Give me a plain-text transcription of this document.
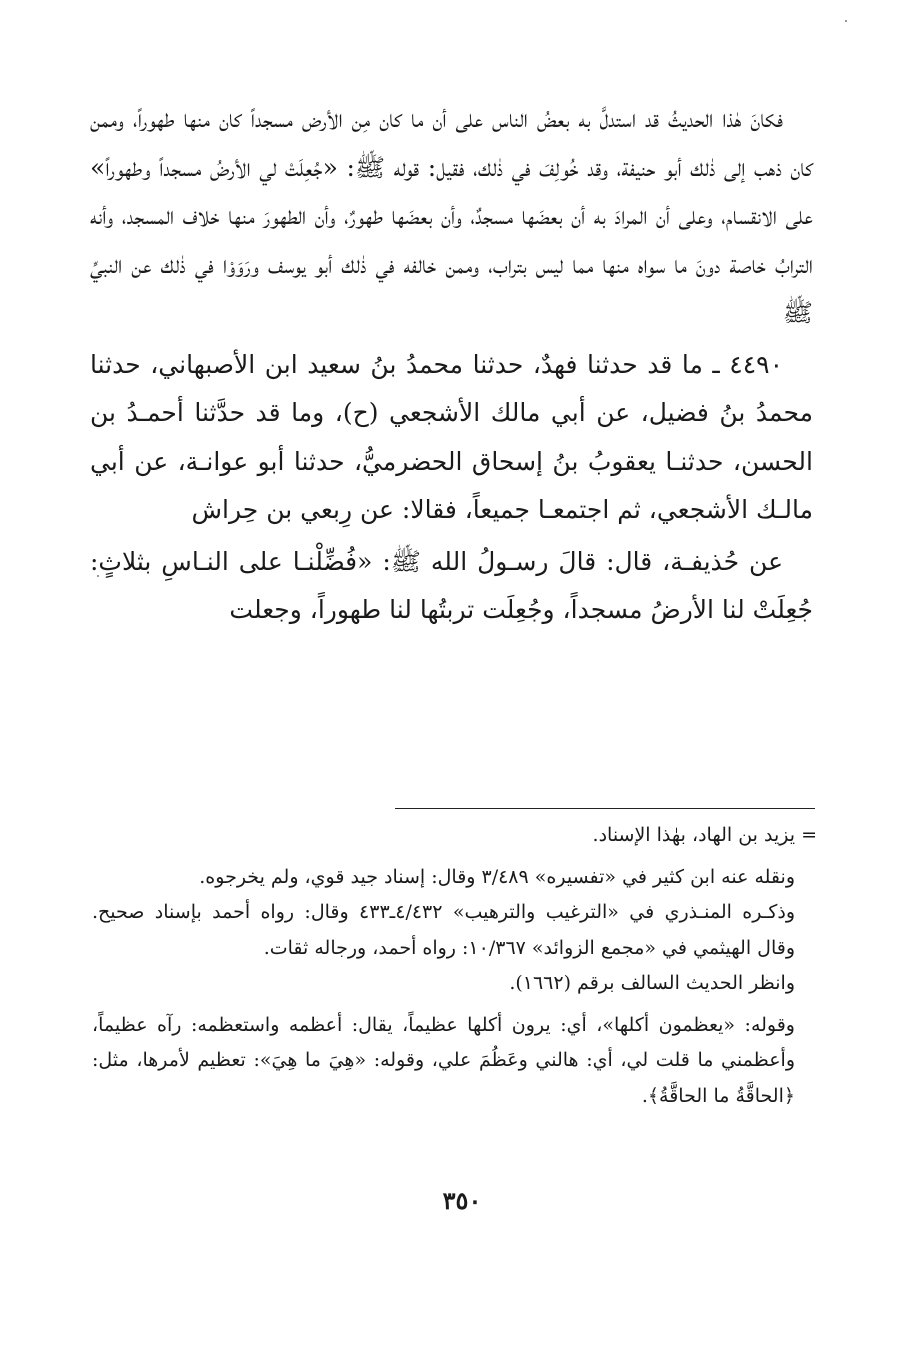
فكانَ هٰذا الحديثُ قد استدلَّ به بعضُ الناس على أن ما كان مِن الأرض مسجداً كان منها طهوراً، وممن كان ذهب إلى ذٰلك أبو حنيفة، وقد خُولِفَ في ذٰلك، فقيل: قوله ﷺ: «جُعِلَتْ لي الأرضُ مسجداً وطهوراً» على الانقسام، وعلى أن المرادَ به أن بعضَها مسجدٌ، وأن بعضَها طهورٌ، وأن الطهورَ منها خلاف المسجد، وأنه الترابُ خاصة دونَ ما سواه منها مما ليس بتراب، وممن خالفه في ذٰلك أبو يوسف ورَوَوْا في ذٰلك عن النبيِّ ﷺ

٤٤٩٠ ـ ما قد حدثنا فهدٌ، حدثنا محمدُ بنُ سعيد ابن الأصبهاني، حدثنا محمدُ بنُ فضيل، عن أبي مالك الأشجعي (ح)، وما قد حدَّثنا أحمـدُ بن الحسن، حدثنـا يعقوبُ بنُ إسحاق الحضرميُّ، حدثنا أبو عوانـة، عن أبي مالـك الأشجعي، ثم اجتمعـا جميعاً، فقالا: عن رِبعي بن حِراش

عن حُذيفـة، قال: قالَ رسـولُ الله ﷺ: «فُضِّلْنـا على النـاسِ بثلاثٍ: جُعِلَتْ لنا الأرضُ مسجداً، وجُعِلَت تربتُها لنا طهوراً، وجعلت

= يزيد بن الهاد، بهٰذا الإسناد.

ونقله عنه ابن كثير في «تفسيره» ٣/٤٨٩ وقال: إسناد جيد قوي، ولم يخرجوه.

وذكـره المنـذري في «الترغيب والترهيب» ٤/٤٣٢ـ٤٣٣ وقال: رواه أحمد بإسناد صحيح. وقال الهيثمي في «مجمع الزوائد» ١٠/٣٦٧: رواه أحمد، ورجاله ثقات.

وانظر الحديث السالف برقم (١٦٦٢).

وقوله: «يعظمون أكلها»، أي: يرون أكلها عظيماً، يقال: أعظمه واستعظمه: رآه عظيماً، وأعظمني ما قلت لي، أي: هالني وعَظُمَ علي، وقوله: «هِيَ ما هِيَ»: تعظيم لأمرها، مثل: ﴿الحاقَّةُ ما الحاقَّةُ﴾.

٣٥٠
